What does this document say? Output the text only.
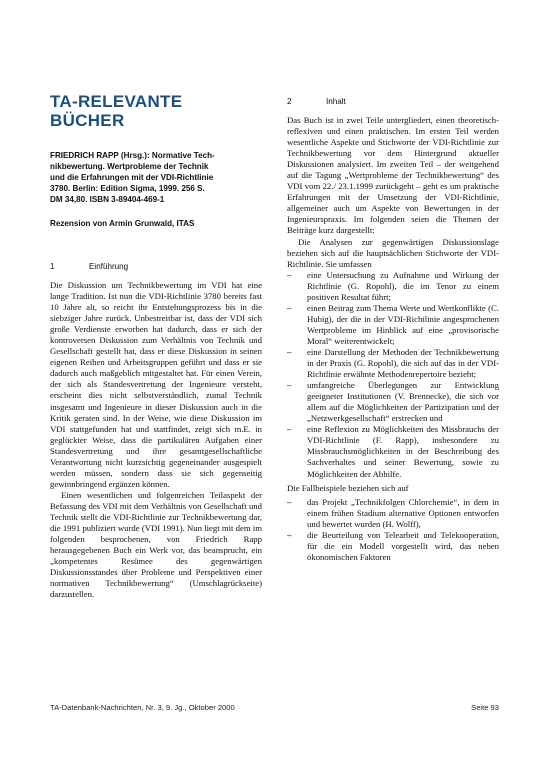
TA-RELEVANTE
BÜCHER
FRIEDRICH RAPP (Hrsg.): Normative Tech-
nikbewertung. Wertprobleme der Technik
und die Erfahrungen mit der VDI-Richtlinie
3780. Berlin: Edition Sigma, 1999. 256 S.
DM 34,80. ISBN 3-89404-469-1
Rezension von Armin Grunwald, ITAS
1	Einführung

Die Diskussion um Technikbewertung im VDI hat eine lange Tradition. Ist nun die VDI-Richtlinie 3780 bereits fast 10 Jahre alt, so reicht ihr Entstehungsprozess bis in die siebziger Jahre zurück. Unbestreitbar ist, dass der VDI sich große Verdienste erworben hat dadurch, dass er sich der kontroversen Diskussion zum Verhältnis von Technik und Gesellschaft gestellt hat, dass er diese Diskussion in seinen eigenen Reihen und Arbeitsgruppen geführt und dass er sie dadurch auch maßgeblich mitgestaltet hat. Für einen Verein, der sich als Standesvertretung der Ingenieure versteht, erscheint dies nicht selbstverständlich, zumal Technik insgesamt und Ingenieure in dieser Diskussion auch in die Kritik geraten sind. In der Weise, wie diese Diskussion im VDI stattgefunden hat und stattfindet, zeigt sich m.E. in geglückter Weise, dass die partikulären Aufgaben einer Standesvertretung und ihre gesamtgesellschaftliche Verantwortung nicht kurzsichtig gegeneinander ausgespielt werden müssen, sondern dass sie sich gegenseitig gewinnbringend ergänzen können.

Einen wesentlichen und folgenreichen Teilaspekt der Befassung des VDI mit dem Verhältnis von Gesellschaft und Technik stellt die VDI-Richtlinie zur Technikbewertung dar, die 1991 publiziert wurde (VDI 1991). Nun liegt mit dem im folgenden besprochenen, von Friedrich Rapp herausgegebenen Buch ein Werk vor, das beansprucht, ein „kompetentes Resümee des gegenwärtigen Diskussionsstandes über Probleme und Perspektiven einer normativen Technikbewertung“ (Umschlagrückseite) darzustellen.

2	Inhalt

Das Buch ist in zwei Teile untergliedert, einen theoretisch-reflexiven und einen praktischen. Im ersten Teil werden wesentliche Aspekte und Stichworte der VDI-Richtlinie zur Technikbewertung vor dem Hintergrund aktueller Diskussionen analysiert. Im zweiten Teil – der weitgehend auf die Tagung „Wertprobleme der Technikbewertung“ des VDI vom 22./ 23.1.1999 zurückgeht – geht es um praktische Erfahrungen mit der Umsetzung der VDI-Richtlinie, allgemeiner auch um Aspekte von Bewertungen in der Ingenieurspraxis. Im folgenden seien die Themen der Beiträge kurz dargestellt:

Die Analysen zur gegenwärtigen Diskussionslage beziehen sich auf die hauptsächlichen Stichworte der VDI-Richtlinie. Sie umfassen

– eine Untersuchung zu Aufnahme und Wirkung der Richtlinie (G. Ropohl), die im Tenor zu einem positiven Resultat führt;
– einen Beitrag zum Thema Werte und Wertkonflikte (C. Hubig), der die in der VDI-Richtlinie angesprochenen Wertprobleme im Hinblick auf eine „provisorische Moral“ weiterentwickelt;
– eine Darstellung der Methoden der Technikbewertung in der Praxis (G. Ropohl), die sich auf das in der VDI-Richtlinie erwähnte Methodenrepertoire bezieht;
– umfangreiche Überlegungen zur Entwicklung geeigneter Institutionen (V. Brennecke), die sich vor allem auf die Möglichkeiten der Partizipation und der „Netzwerkgesellschaft“ erstrecken und
– eine Reflexion zu Möglichkeiten des Missbrauchs der VDI-Richtlinie (F. Rapp), insbesondere zu Missbrauchsmöglichkeiten in der Beschreibung des Sachverhaltes und seiner Bewertung, sowie zu Möglichkeiten der Abhilfe.

Die Fallbeispiele beziehen sich auf

– das Projekt „Technikfolgen Chlorchemie“, in dem in einem frühen Stadium alternative Optionen entworfen und bewertet wurden (H. Wolff),
– die Beurteilung von Telearbeit und Telekooperation, für die ein Modell vorgestellt wird, das neben ökonomischen Faktoren
TA-Datenbank-Nachrichten, Nr. 3, 9. Jg., Oktober 2000	Seite 93
